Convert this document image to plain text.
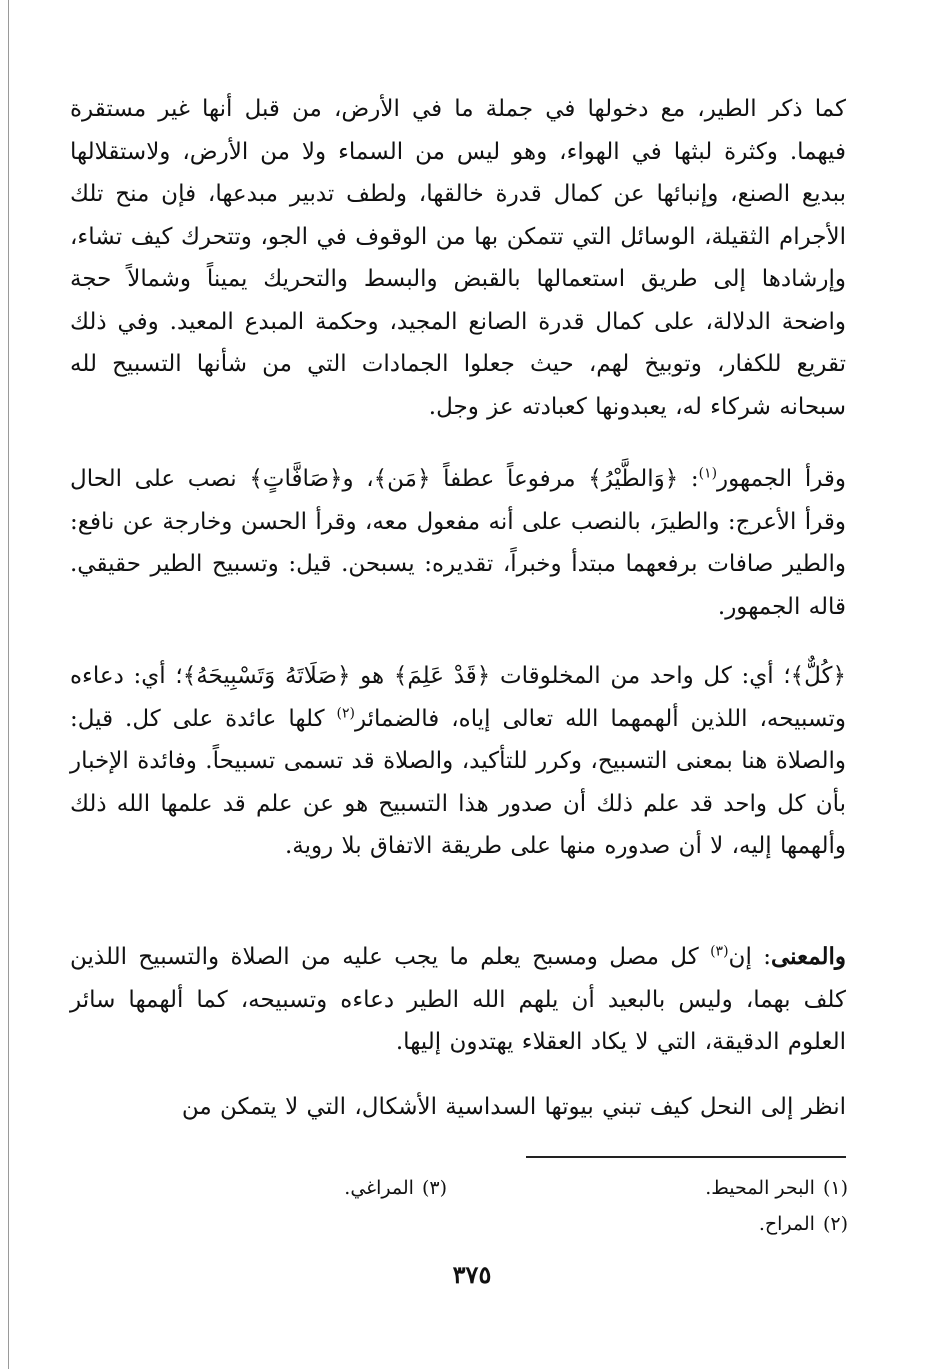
كما ذكر الطير، مع دخولها في جملة ما في الأرض، من قبل أنها غير مستقرة فيهما. وكثرة لبثها في الهواء، وهو ليس من السماء ولا من الأرض، ولاستقلالها ببديع الصنع، وإنبائها عن كمال قدرة خالقها، ولطف تدبير مبدعها، فإن منح تلك الأجرام الثقيلة، الوسائل التي تتمكن بها من الوقوف في الجو، وتتحرك كيف تشاء، وإرشادها إلى طريق استعمالها بالقبض والبسط والتحريك يميناً وشمالاً حجة واضحة الدلالة، على كمال قدرة الصانع المجيد، وحكمة المبدع المعيد. وفي ذلك تقريع للكفار، وتوبيخ لهم، حيث جعلوا الجمادات التي من شأنها التسبيح لله سبحانه شركاء له، يعبدونها كعبادته عز وجل.
وقرأ الجمهور$^{(١)}$: ﴿وَالطَّيْرُ﴾ مرفوعاً عطفاً ﴿مَن﴾، و﴿صَافَّاتٍ﴾ نصب على الحال وقرأ الأعرج: والطيرَ، بالنصب على أنه مفعول معه، وقرأ الحسن وخارجة عن نافع: والطير صافات برفعهما مبتدأ وخبراً، تقديره: يسبحن. قيل: وتسبيح الطير حقيقي. قاله الجمهور.
﴿كُلٌّ﴾؛ أي: كل واحد من المخلوقات ﴿قَدْ عَلِمَ﴾ هو ﴿صَلَاتَهُ وَتَسْبِيحَهُ﴾؛ أي: دعاءه وتسبيحه، اللذين ألهمهما الله تعالى إياه، فالضمائر$^{(٢)}$ كلها عائدة على كل. قيل: والصلاة هنا بمعنى التسبيح، وكرر للتأكيد، والصلاة قد تسمى تسبيحاً. وفائدة الإخبار بأن كل واحد قد علم ذلك أن صدور هذا التسبيح هو عن علم قد علمها الله ذلك وألهمها إليه، لا أن صدوره منها على طريقة الاتفاق بلا روية.
والمعنى: إن$^{(٣)}$ كل مصل ومسبح يعلم ما يجب عليه من الصلاة والتسبيح اللذين كلف بهما، وليس بالبعيد أن يلهم الله الطير دعاءه وتسبيحه، كما ألهمها سائر العلوم الدقيقة، التي لا يكاد العقلاء يهتدون إليها.
انظر إلى النحل كيف تبني بيوتها السداسية الأشكال، التي لا يتمكن من
(١)البحر المحيط.
(٢)المراح.
(٣)المراغي.
٣٧٥
